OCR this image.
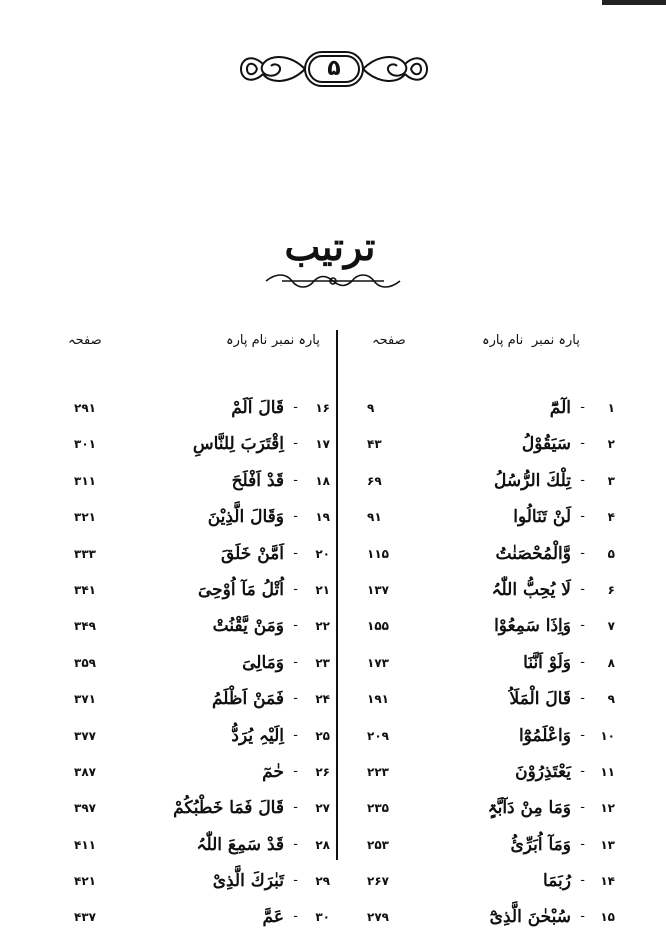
۵
ترتیب
پارہ نمبر
نام پارہ
صفحہ
پارہ نمبر
نام پارہ
صفحہ
۱
-
الٓمّٓ
۹
۲
-
سَیَقُوْلُ
۴۳
۳
-
تِلْكَ الرُّسُلُ
۶۹
۴
-
لَنْ تَنَالُوا
۹۱
۵
-
وَّالْمُحْصَنٰتُ
۱۱۵
۶
-
لَا یُحِبُّ اللّٰہُ
۱۳۷
۷
-
وَاِذَا سَمِعُوْا
۱۵۵
۸
-
وَلَوْ اَنَّنَا
۱۷۳
۹
-
قَالَ الْمَلَاُ
۱۹۱
۱۰
-
وَاعْلَمُوْٓا
۲۰۹
۱۱
-
یَعْتَذِرُوْنَ
۲۲۳
۱۲
-
وَمَا مِنْ دَآبَّۃٍ
۲۳۵
۱۳
-
وَمَآ اُبَرِّئُ
۲۵۳
۱۴
-
رُبَمَا
۲۶۷
۱۵
-
سُبْحٰنَ الَّذِیْٓ
۲۷۹
۱۶
-
قَالَ اَلَمْ
۲۹۱
۱۷
-
اِقْتَرَبَ لِلنَّاسِ
۳۰۱
۱۸
-
قَدْ اَفْلَحَ
۳۱۱
۱۹
-
وَقَالَ الَّذِیْنَ
۳۲۱
۲۰
-
اَمَّنْ خَلَقَ
۳۳۳
۲۱
-
اُتْلُ مَآ اُوْحِیَ
۳۴۱
۲۲
-
وَمَنْ یَّقْنُتْ
۳۴۹
۲۳
-
وَمَالِیَ
۳۵۹
۲۴
-
فَمَنْ اَظْلَمُ
۳۷۱
۲۵
-
اِلَیْہِ یُرَدُّ
۳۷۷
۲۶
-
حٰمٓ
۳۸۷
۲۷
-
قَالَ فَمَا خَطْبُكُمْ
۳۹۷
۲۸
-
قَدْ سَمِعَ اللّٰہُ
۴۱۱
۲۹
-
تَبٰرَكَ الَّذِیْ
۴۲۱
۳۰
-
عَمَّ
۴۳۷
